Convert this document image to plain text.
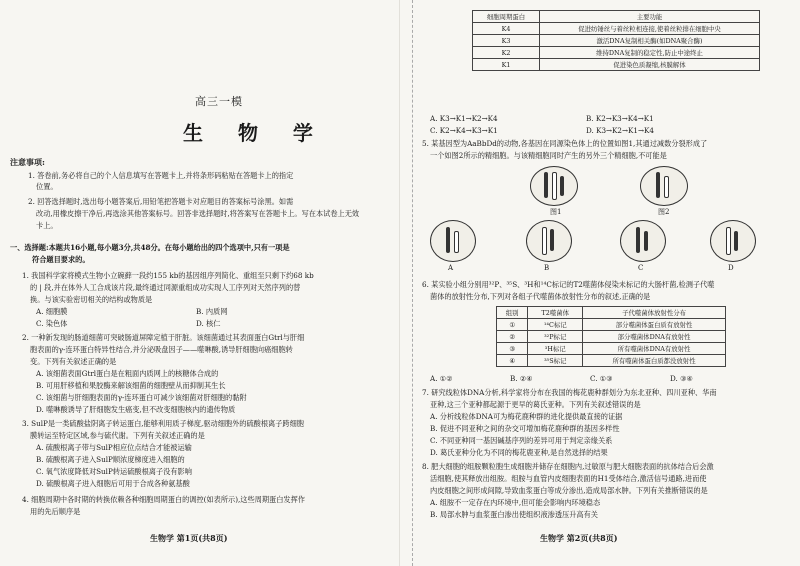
高三一模
生 物 学
注意事项:
1. 答卷前,务必将自己的个人信息填写在答题卡上,并将条形码粘贴在答题卡上的指定
位置。
2. 回答选择题时,选出每小题答案后,用铅笔把答题卡对应题目的答案标号涂黑。如需
改动,用橡皮擦干净后,再选涂其他答案标号。回答非选择题时,将答案写在答题卡上。写在本试卷上无效
卡上。
一、选择题:本题共16小题,每小题3分,共48分。在每小题给出的四个选项中,只有一项是
符合题目要求的。
1. 我国科学家将模式生物小立碗藓一段约155 kb的基因组序列简化、重组至只剩下约68 kb
的 | 段,并在体外人工合成该片段,最终通过同源重组成功实现人工序列对天然序列的替
换。与该实验密切相关的结构或物质是
A. 细胞膜	B. 内质网
C. 染色体	D. 核仁
2. 一种新发现的肠道细菌可突破肠道屏障定植于肝脏。该细菌通过其表面蛋白Gtrl与肝细
胞表面的γ-连环蛋白特异性结合,并分泌吸盘因子——噬啉酸,诱导肝细胞向癌细胞转
变。下列有关叙述正确的是
A. 该细菌表面Gtrl蛋白是在粗面内质网上的核糖体合成的
B. 可用肝移植和果胶酶来解该细菌的细胞壁从而抑制其生长
C. 该细菌与肝细胞表面的γ-连环蛋白可减少该细菌对肝细胞的黏附
D. 噬啉酸诱导了肝细胞发生癌变,但不改变细胞核内的遗传物质
3. SulP是一类硫酸盐阴离子转运蛋白,能够利用质子梯度,驱动细胞外的硫酸根离子跨细胞
膜转运至特定区域,参与硫代谢。下列有关叙述正确的是
A. 硫酸根离子带与SulP相应位点结合才能被运输
B. 硫酸根离子进入SulP顺浓度梯度进入细胞的
C. 氧气浓度降低对SulP转运硫酸根离子没有影响
D. 硫酸根离子进入细胞后可用于合成各种氨基酸
4. 细胞周期中各时期的转换依赖各种细胞周期蛋白的调控(如表所示),这些周期蛋白发挥作
用的先后顺序是
生物学 第1页(共8页)
细胞周期蛋白	主要功能
K4	促进纺锤丝与着丝粒相连接,使着丝粒排在细胞中央
K3	激活DNA复制相关酶(如DNA聚合酶)
K2	维持DNA复制的稳定性,防止中途终止
K1	促进染色质凝缩,核膜解体
A. K3→K1→K2→K4	B. K2→K3→K4→K1
C. K2→K4→K3→K1	D. K3→K2→K1→K4
5. 某基因型为AaBbDd的动物,各基因在同源染色体上的位置如图1,其通过减数分裂形成了
一个如图2所示的精细胞。与该精细胞同时产生的另外三个精细胞,不可能是
图1	图2
A	B	C	D
6. 某实验小组分别用³²P、³⁵S、³H和¹⁴C标记的T2噬菌体侵染未标记的大肠杆菌,检测子代噬
菌体的放射性分布,下列对各组子代噬菌体放射性分布的叙述,正确的是
组别	T2噬菌体	子代噬菌体放射性分布
①	¹⁴C标记	部分噬菌体蛋白质有放射性
②	³²P标记	部分噬菌体DNA有放射性
③	³H标记	所有噬菌体DNA有放射性
④	³⁵S标记	所有噬菌体蛋白质都没放射性
A. ①②	B. ②④	C. ①③	D. ③④
7. 研究线粒体DNA分析,科学家将分布在我国的梅花鹿种群划分为东北亚种、四川亚种、华南
亚种,这三个亚种都起源于更早的葛氏亚种。下列有关叙述错误的是
A. 分析线粒体DNA可为梅花鹿种群的进化提供最直接的证据
B. 促进不同亚种之间的杂交可增加梅花鹿种群的基因多样性
C. 不同亚种同一基因碱基序列的差异可用于判定亲缘关系
D. 葛氏亚种分化为不同的梅花鹿亚种,是自然选择的结果
8. 肥大细胞的组胺颗粒胞生成细胞并储存在细胞内,过敏原与肥大细胞表面的抗体结合后会激
活细胞,使其释放出组胺。组胺与血管内皮细胞表面的H1受体结合,激活信号通路,进而使
内皮细胞之间形成间隙,导致血浆蛋白等成分渗出,造成局部水肿。下列有关推断错误的是
A. 组胺不一定存在内环境中,但可能会影响内环境稳态
B. 局部水肿与血浆蛋白渗出使组织液渗透压升高有关
生物学 第2页(共8页)
